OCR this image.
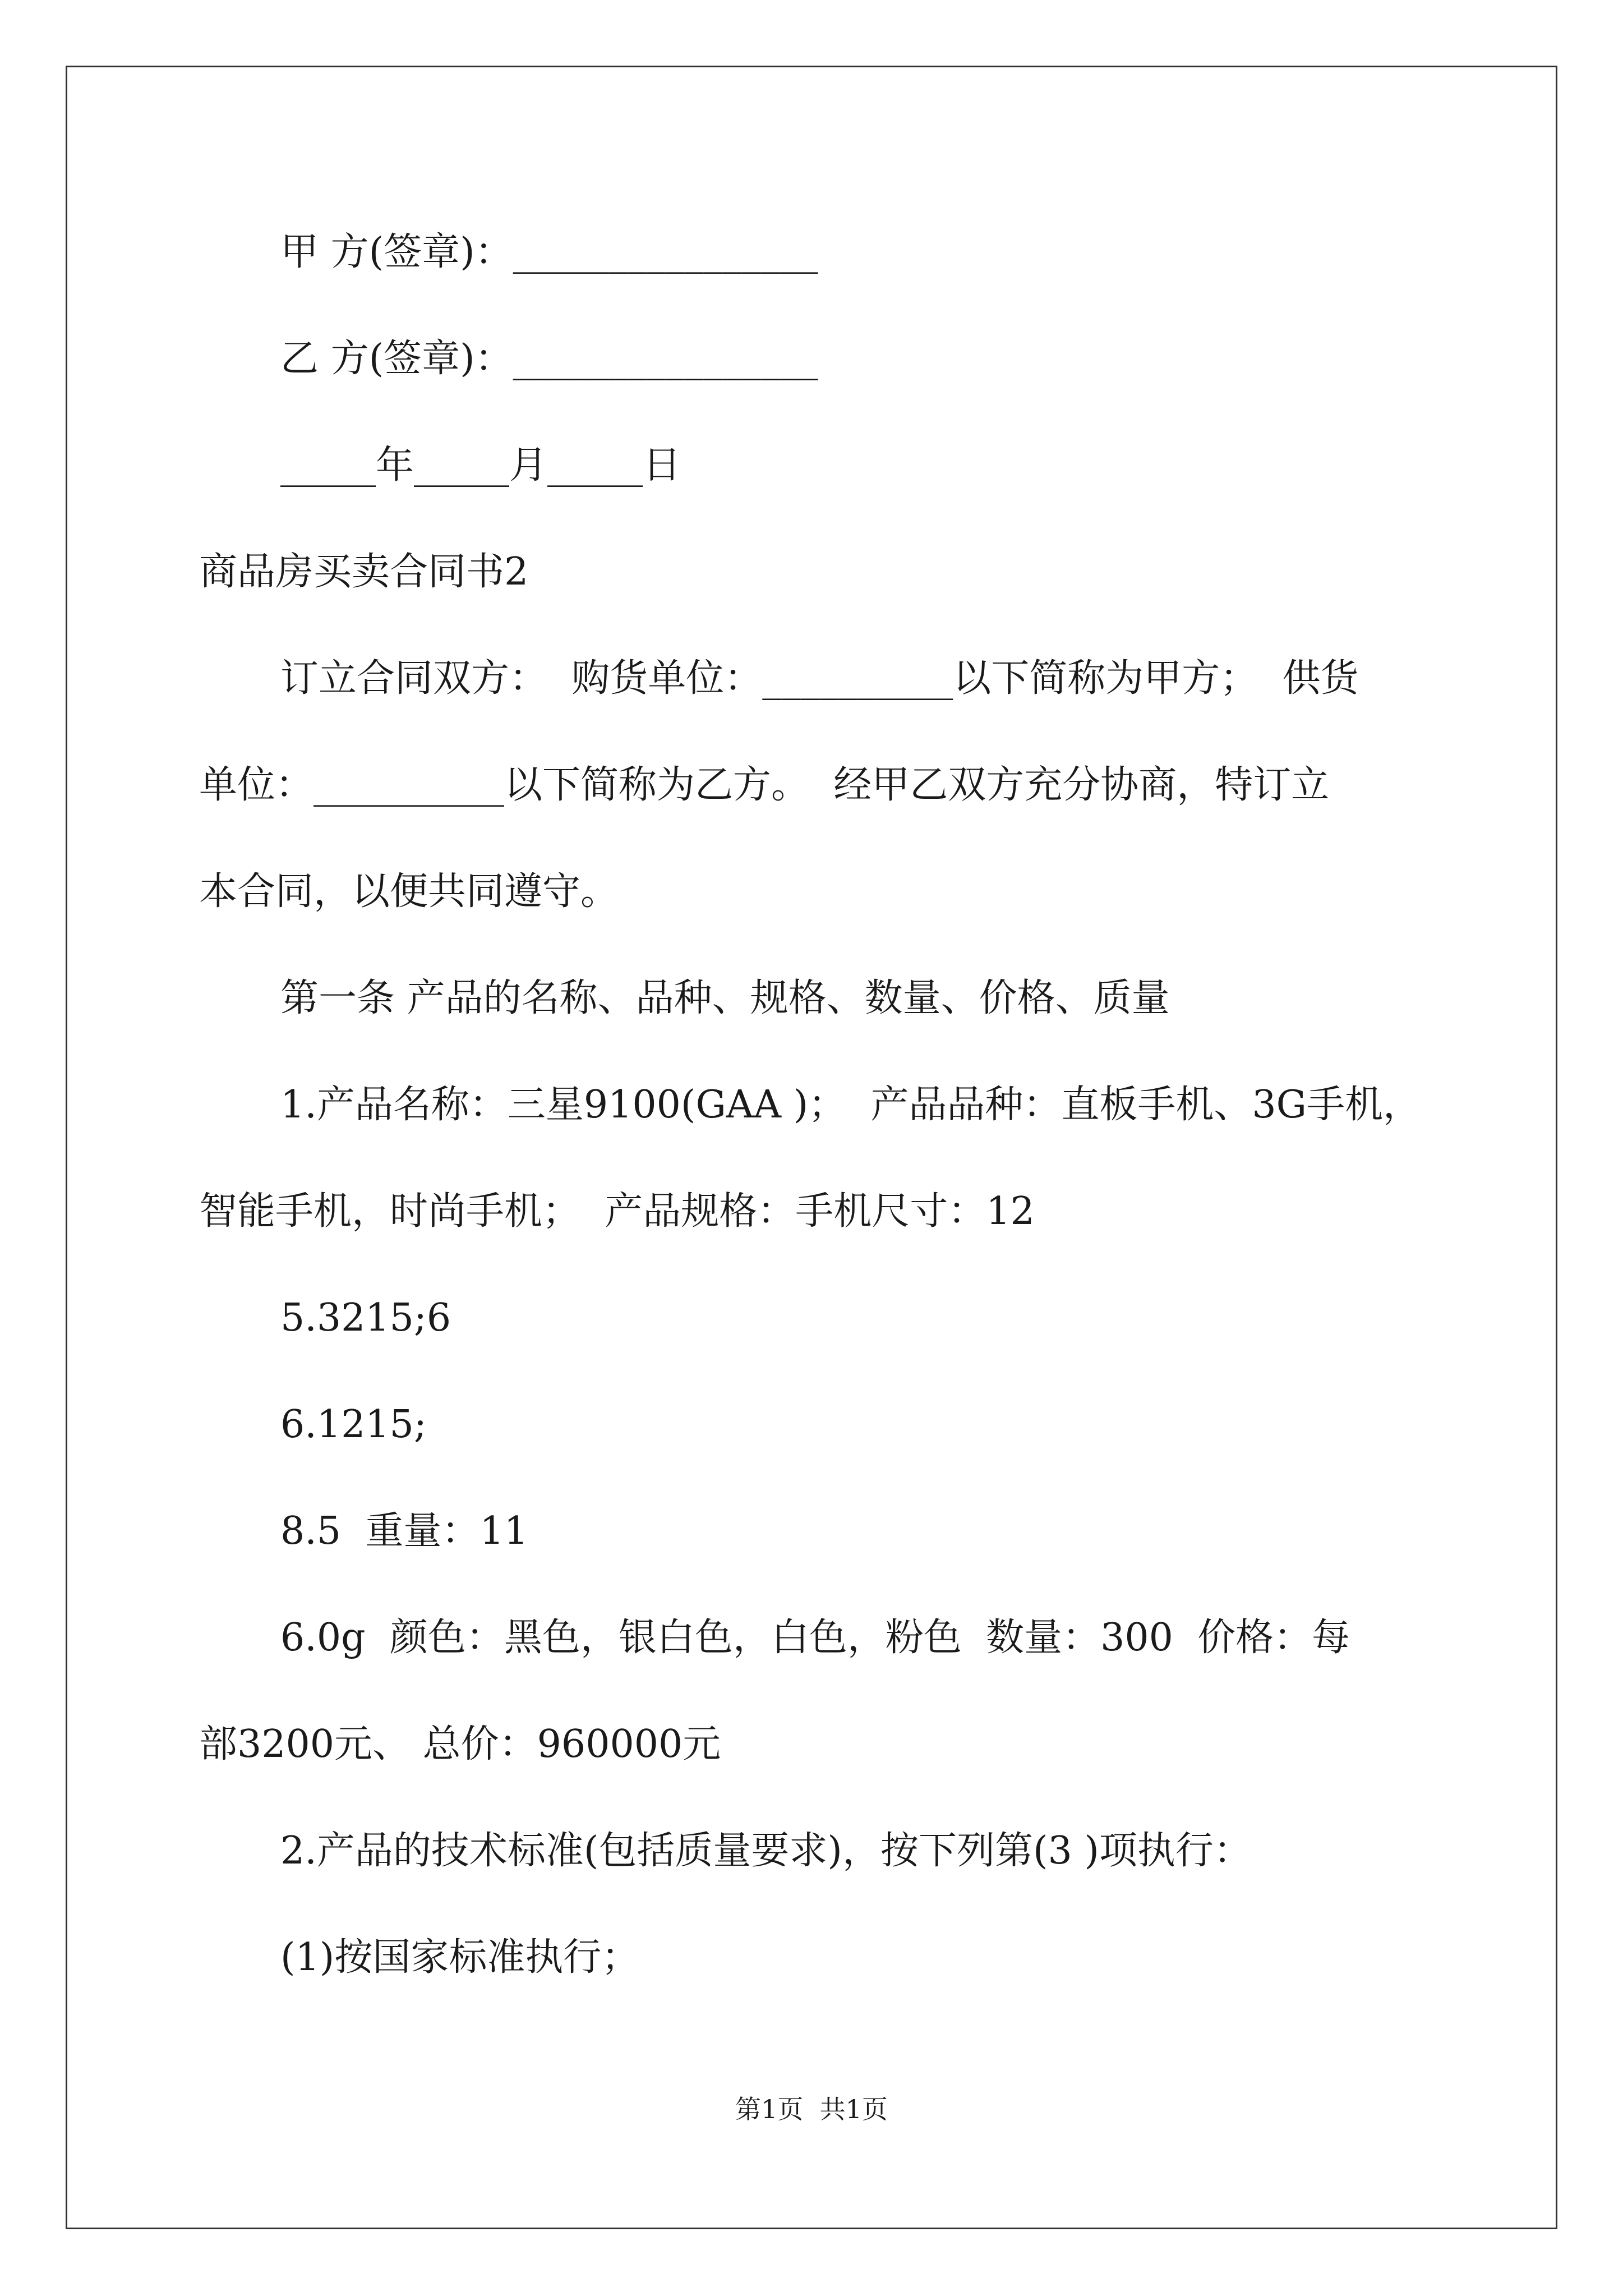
甲 方(签章)：________________

乙 方(签章)：________________

_____年_____月_____日

商品房买卖合同书2

订立合同双方：  购货单位：__________以下简称为甲方；  供货

单位：__________以下简称为乙方。  经甲乙双方充分协商，特订立

本合同，以便共同遵守。

第一条 产品的名称、品种、规格、数量、价格、质量

1.产品名称：三星9100(GAA )；  产品品种：直板手机、3G手机，

智能手机，时尚手机；  产品规格：手机尺寸：12

5.3215;6

6.1215;

8.5  重量：11

6.0g  颜色：黑色，银白色，白色，粉色  数量：300  价格：每

部3200元、 总价：960000元

2.产品的技术标准(包括质量要求)，按下列第(3 )项执行：

(1)按国家标准执行；

第1页  共1页
